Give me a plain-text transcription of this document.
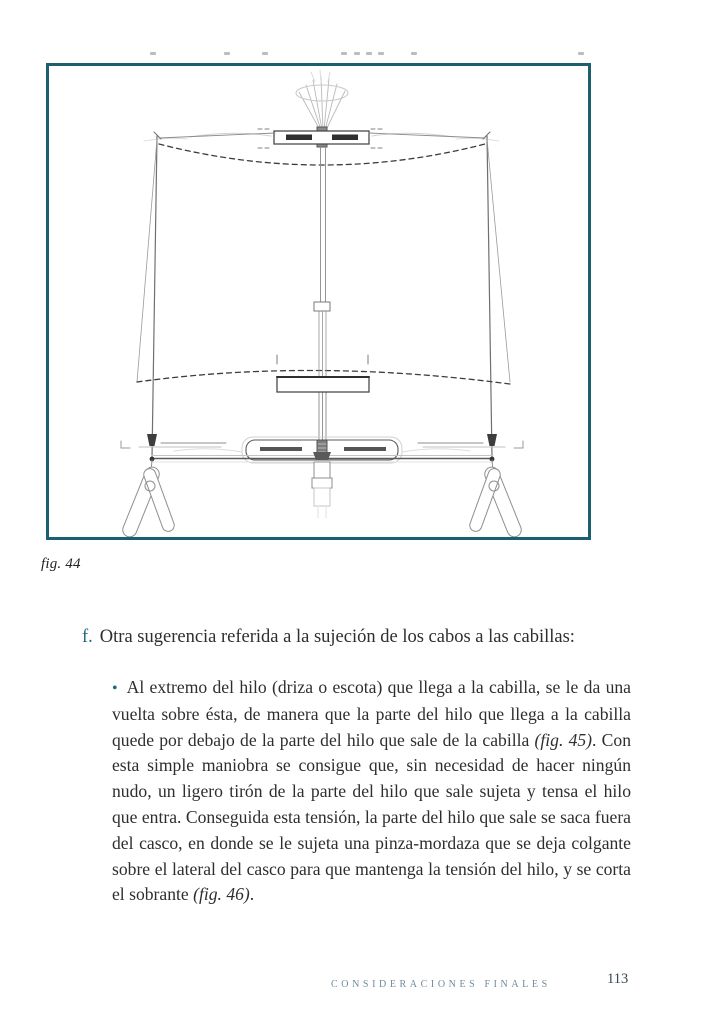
fig. 44

f. Otra sugerencia referida a la sujeción de los cabos a las cabillas:

• Al extremo del hilo (driza o escota) que llega a la cabilla, se le da una vuelta sobre ésta, de manera que la parte del hilo que llega a la cabilla quede por debajo de la parte del hilo que sale de la cabilla (fig. 45). Con esta simple maniobra se consigue que, sin necesidad de hacer ningún nudo, un ligero tirón de la parte del hilo que sale sujeta y tensa el hilo que entra. Conseguida esta tensión, la parte del hilo que sale se saca fuera del casco, en donde se le sujeta una pinza-mordaza que se deja colgante sobre el lateral del casco para que mantenga la tensión del hilo, y se corta el sobrante (fig. 46).

CONSIDERACIONES FINALES	113
